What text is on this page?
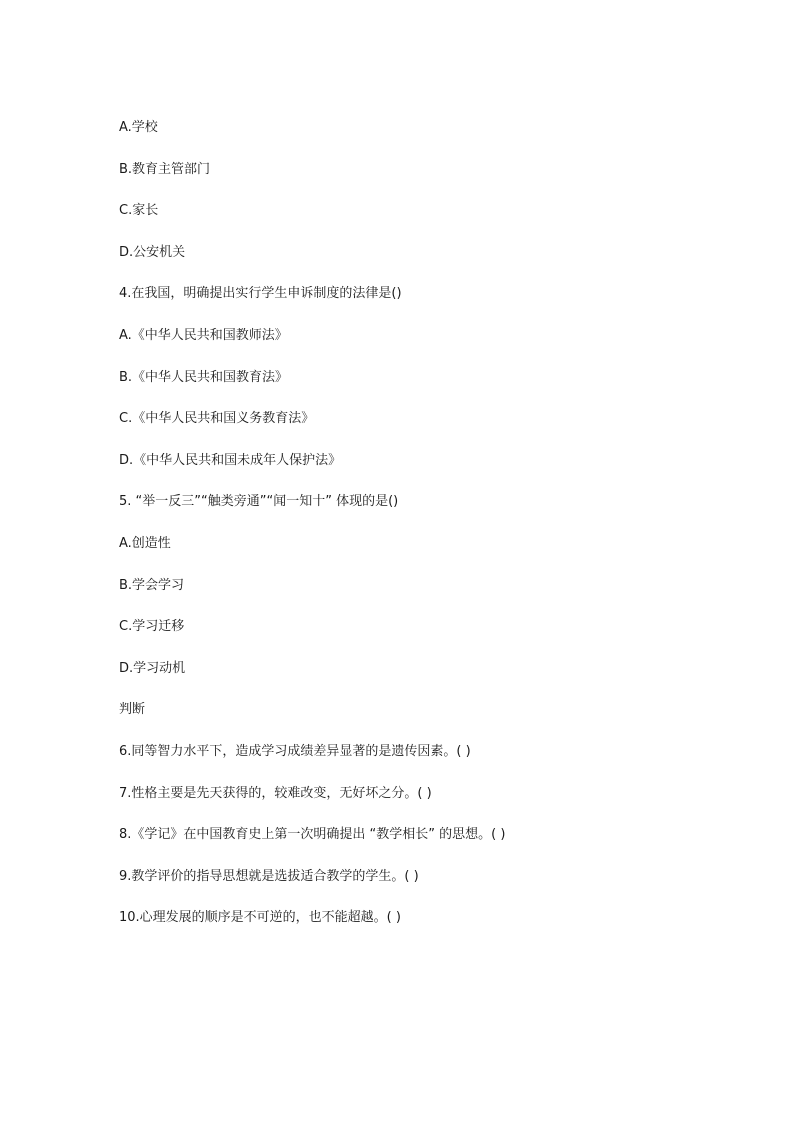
A.学校
B.教育主管部门
C.家长
D.公安机关
4.在我国，明确提出实行学生申诉制度的法律是()
A.《中华人民共和国教师法》
B.《中华人民共和国教育法》
C.《中华人民共和国义务教育法》
D.《中华人民共和国未成年人保护法》
5. “举一反三”“触类旁通”“闻一知十” 体现的是()
A.创造性
B.学会学习
C.学习迁移
D.学习动机
判断
6.同等智力水平下，造成学习成绩差异显著的是遗传因素。( )
7.性格主要是先天获得的，较难改变，无好坏之分。( )
8.《学记》在中国教育史上第一次明确提出 “教学相长” 的思想。( )
9.教学评价的指导思想就是选拔适合教学的学生。( )
10.心理发展的顺序是不可逆的，也不能超越。( )
